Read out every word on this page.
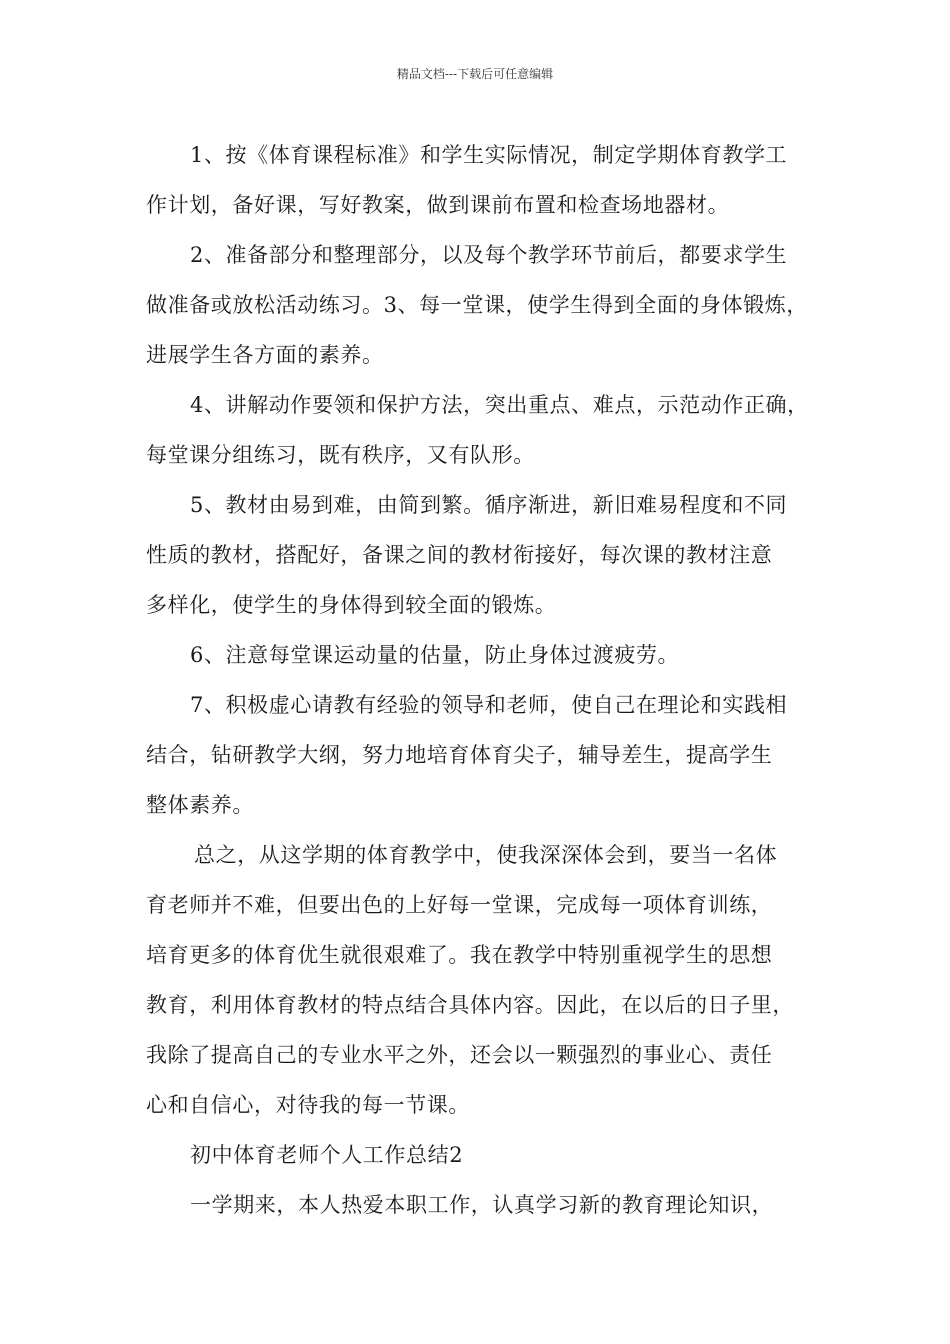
精品文档---下载后可任意编辑

1、按《体育课程标准》和学生实际情况，制定学期体育教学工
作计划，备好课，写好教案，做到课前布置和检查场地器材。

2、准备部分和整理部分，以及每个教学环节前后，都要求学生
做准备或放松活动练习。3、每一堂课，使学生得到全面的身体锻炼，
进展学生各方面的素养。

4、讲解动作要领和保护方法，突出重点、难点，示范动作正确，
每堂课分组练习，既有秩序，又有队形。

5、教材由易到难，由简到繁。循序渐进，新旧难易程度和不同
性质的教材，搭配好，备课之间的教材衔接好，每次课的教材注意
多样化，使学生的身体得到较全面的锻炼。

6、注意每堂课运动量的估量，防止身体过渡疲劳。

7、积极虚心请教有经验的领导和老师，使自己在理论和实践相
结合，钻研教学大纲，努力地培育体育尖子，辅导差生，提高学生
整体素养。

总之，从这学期的体育教学中，使我深深体会到，要当一名体
育老师并不难，但要出色的上好每一堂课，完成每一项体育训练，
培育更多的体育优生就很艰难了。我在教学中特别重视学生的思想
教育，利用体育教材的特点结合具体内容。因此，在以后的日子里，
我除了提高自己的专业水平之外，还会以一颗强烈的事业心、责任
心和自信心，对待我的每一节课。

初中体育老师个人工作总结2

一学期来，本人热爱本职工作，认真学习新的教育理论知识，
